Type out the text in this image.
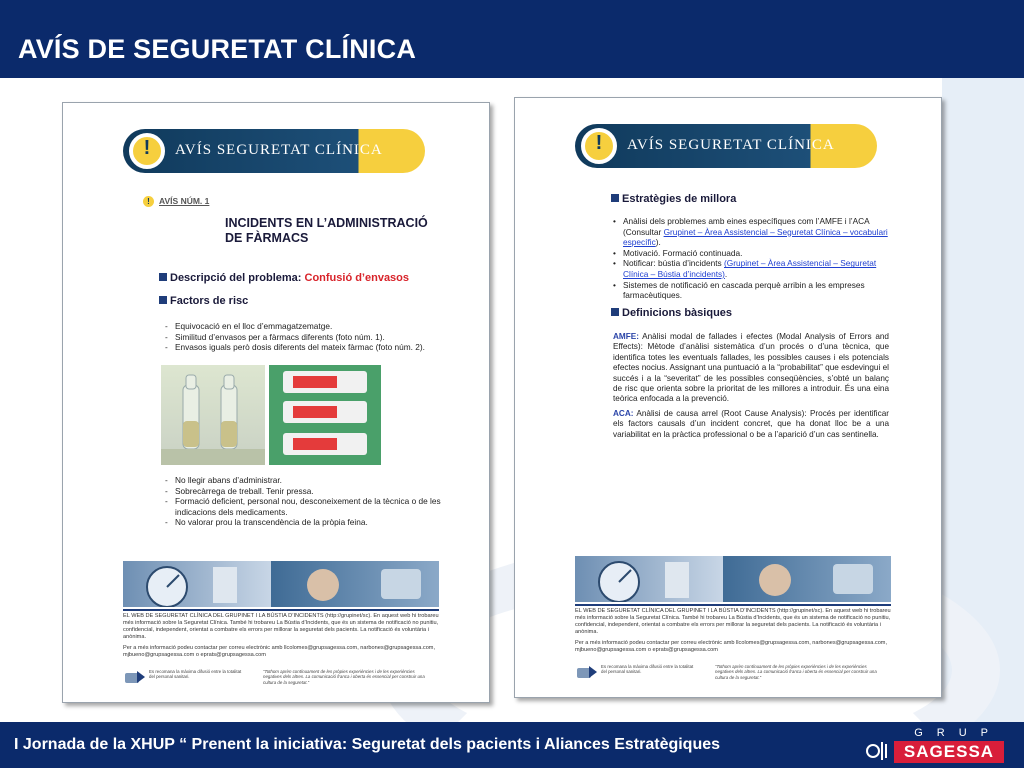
AVÍS DE SEGURETAT CLÍNICA
!	AVÍS SEGURETAT CLÍNICA
! AVÍS NÚM. 1
INCIDENTS EN L’ADMINISTRACIÓ
DE FÀRMACS
Descripció del problema: Confusió d’envasos
Factors de risc
- Equivocació en el lloc d’emmagatzematge.
- Similitud d’envasos per a fàrmacs diferents (foto núm. 1).
- Envasos iguals però dosis diferents del mateix fàrmac (foto núm. 2).
- No llegir abans d’administrar.
- Sobrecàrrega de treball. Tenir pressa.
- Formació deficient, personal nou, desconeixement de la tècnica o de les indicacions dels medicaments.
- No valorar prou la transcendència de la pròpia feina.
EL WEB DE SEGURETAT CLÍNICA DEL GRUPINET I LA BÚSTIA D’INCIDENTS (http://grupinet/sc). En aquest web hi trobareu més informació sobre la Seguretat Clínica. També hi trobareu La Bústia d’Incidents, que és un sistema de notificació no punitiu, confidencial, independent, orientat a combatre els errors per millorar la seguretat dels pacients. La notificació és voluntària i anònima.
Per a més informació podeu contactar per correu electrònic amb llcolomes@grupsagessa.com, narbones@grupsagessa.com, mjbueno@grupsagessa.com o eprats@grupsagessa.com
Es recomana la màxima difusió entre la totalitat del personal sanitari.
“Tothom aprèn contínuament de les pròpies experiències i de les experiències negatives dels altres. La comunicació franca i oberta és essencial per construir una cultura de la seguretat.”
!	AVÍS SEGURETAT CLÍNICA
Estratègies de millora
• Anàlisi dels problemes amb eines específiques com l’AMFE i l’ACA (Consultar Grupinet – Àrea Assistencial – Seguretat Clínica – vocabulari específic).
• Motivació. Formació continuada.
• Notificar: bústia d’incidents (Grupinet – Àrea Assistencial – Seguretat Clínica – Bústia d’incidents).
• Sistemes de notificació en cascada perquè arribin a les empreses farmacèutiques.
Definicions bàsiques
AMFE: Anàlisi modal de fallades i efectes (Modal Analysis of Errors and Effects): Mètode d’anàlisi sistemàtica d’un procés o d’una tècnica, que identifica totes les eventuals fallades, les possibles causes i els potencials efectes nocius. Assignant una puntuació a la “probabilitat” que esdevingui el succés i a la “severitat” de les possibles conseqüències, s’obté un balanç de risc que orienta sobre la prioritat de les millores a introduir. És una eina teòrica enfocada a la prevenció.
ACA: Anàlisi de causa arrel (Root Cause Analysis): Procés per identificar els factors causals d’un incident concret, que ha donat lloc be a una variabilitat en la pràctica professional o be a l’aparició d’un cas sentinella.
EL WEB DE SEGURETAT CLÍNICA DEL GRUPINET I LA BÚSTIA D’INCIDENTS (http://grupinet/sc). En aquest web hi trobareu més informació sobre la Seguretat Clínica. També hi trobareu La Bústia d’Incidents, que és un sistema de notificació no punitiu, confidencial, independent, orientat a combatre els errors per millorar la seguretat dels pacients. La notificació és voluntària i anònima.
Per a més informació podeu contactar per correu electrònic amb llcolomes@grupsagessa.com, narbones@grupsagessa.com, mjbueno@grupsagessa.com o eprats@grupsagessa.com
Es recomana la màxima difusió entre la totalitat del personal sanitari.
“Tothom aprèn contínuament de les pròpies experiències i de les experiències negatives dels altres. La comunicació franca i oberta és essencial per construir una cultura de la seguretat.”
I Jornada de la XHUP “ Prenent la iniciativa: Seguretat dels pacients i Aliances Estratègiques
GRUP
SAGESSA
